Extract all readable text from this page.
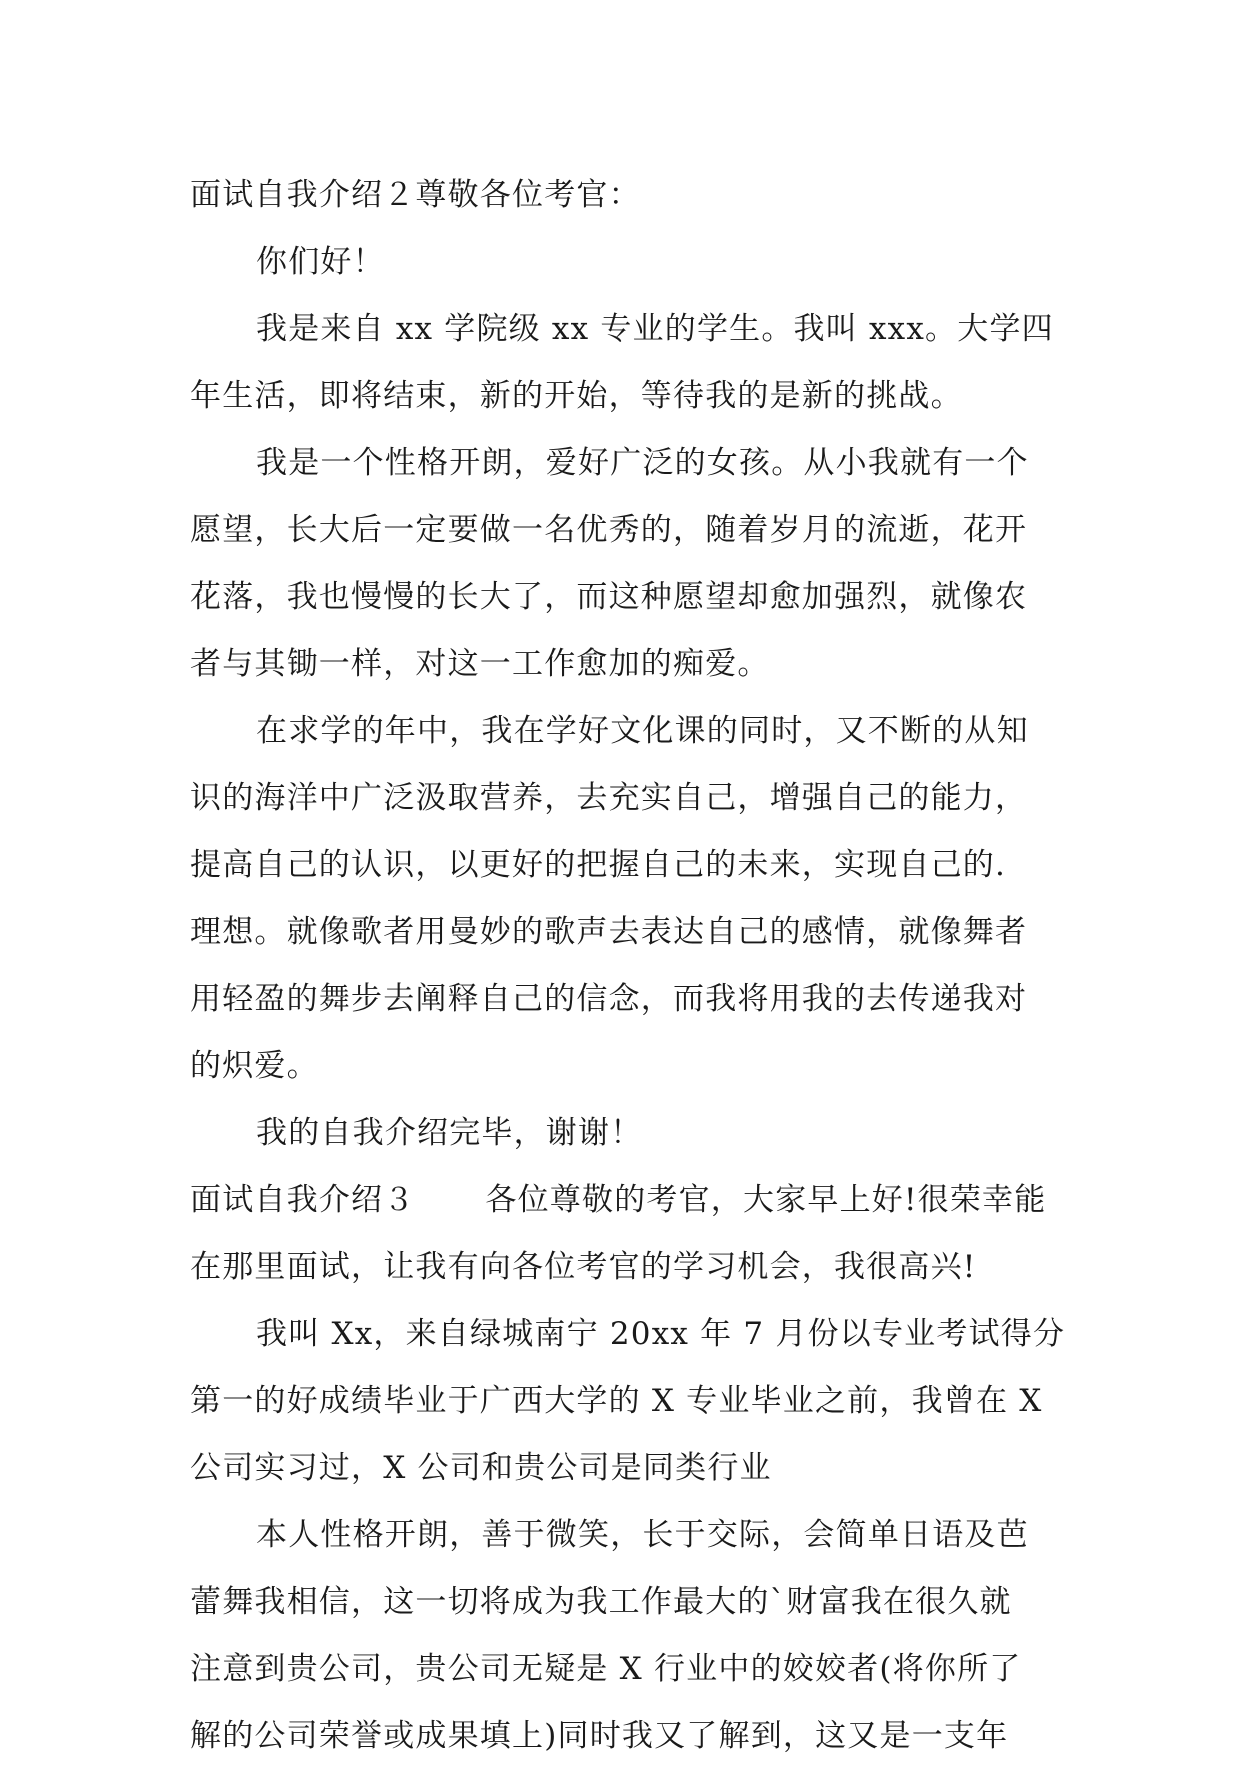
面试自我介绍２尊敬各位考官：
你们好！
我是来自 xx 学院级 xx 专业的学生。我叫 xxx。大学四
年生活，即将结束，新的开始，等待我的是新的挑战。
我是一个性格开朗，爱好广泛的女孩。从小我就有一个
愿望，长大后一定要做一名优秀的，随着岁月的流逝，花开
花落，我也慢慢的长大了，而这种愿望却愈加强烈，就像农
者与其锄一样，对这一工作愈加的痴爱。
在求学的年中，我在学好文化课的同时，又不断的从知
识的海洋中广泛汲取营养，去充实自己，增强自己的能力，
提高自己的认识，以更好的把握自己的未来，实现自己的.
理想。就像歌者用曼妙的歌声去表达自己的感情，就像舞者
用轻盈的舞步去阐释自己的信念，而我将用我的去传递我对
的炽爱。
我的自我介绍完毕，谢谢！
面试自我介绍３ 各位尊敬的考官，大家早上好!很荣幸能
在那里面试，让我有向各位考官的学习机会，我很高兴!
我叫 Xx，来自绿城南宁 20xx 年 7 月份以专业考试得分
第一的好成绩毕业于广西大学的 X 专业毕业之前，我曾在 X
公司实习过，X 公司和贵公司是同类行业
本人性格开朗，善于微笑，长于交际，会简单日语及芭
蕾舞我相信，这一切将成为我工作最大的`财富我在很久就
注意到贵公司，贵公司无疑是 X 行业中的姣姣者(将你所了
解的公司荣誉或成果填上)同时我又了解到，这又是一支年
